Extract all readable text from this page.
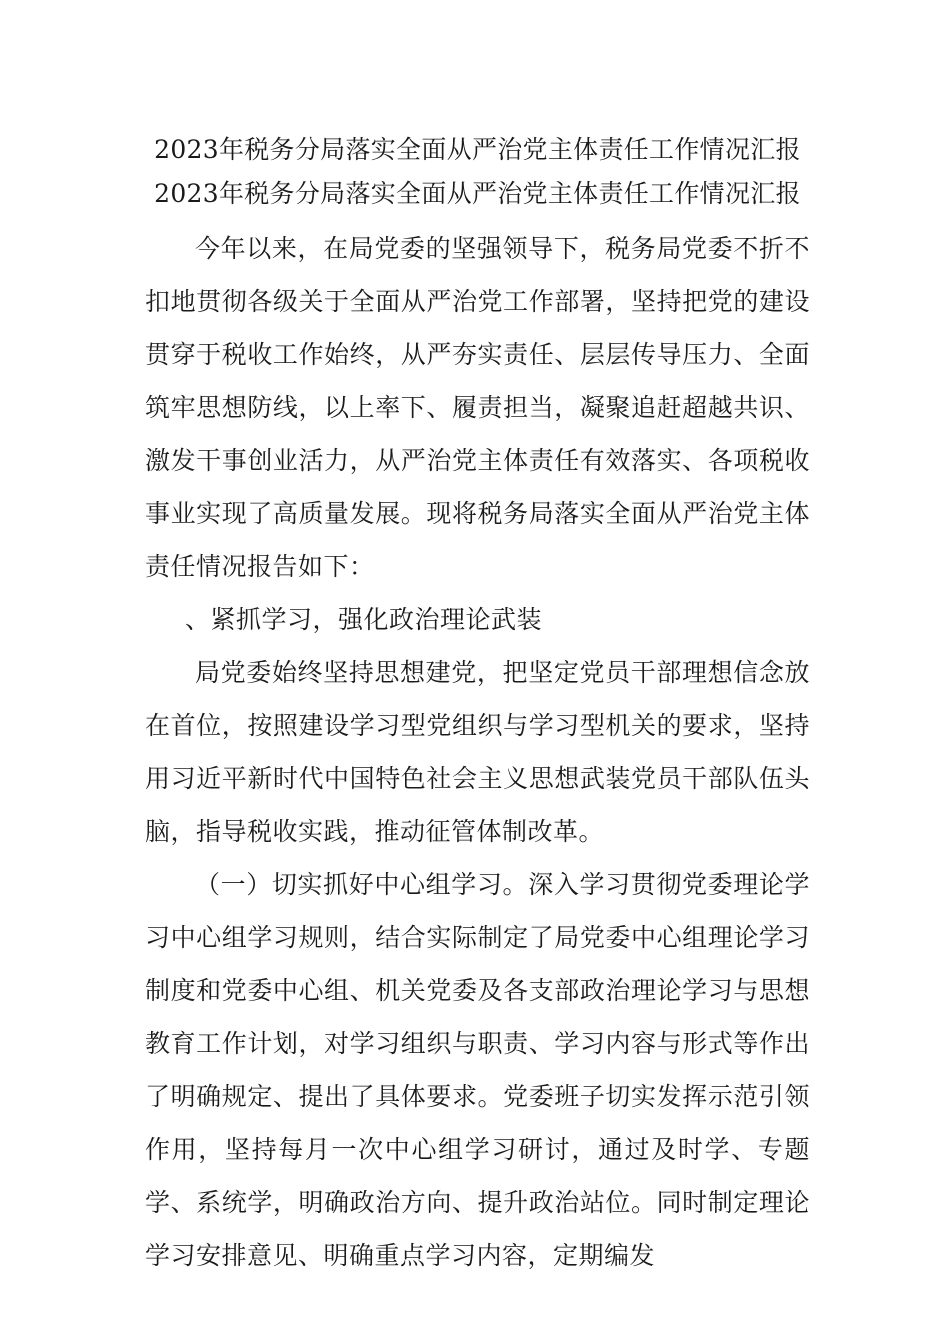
2023年税务分局落实全面从严治党主体责任工作情况汇报
2023年税务分局落实全面从严治党主体责任工作情况汇报

今年以来，在局党委的坚强领导下，税务局党委不折不扣地贯彻各级关于全面从严治党工作部署，坚持把党的建设贯穿于税收工作始终，从严夯实责任、层层传导压力、全面筑牢思想防线，以上率下、履责担当，凝聚追赶超越共识、激发干事创业活力，从严治党主体责任有效落实、各项税收事业实现了高质量发展。现将税务局落实全面从严治党主体责任情况报告如下：

、紧抓学习，强化政治理论武装

局党委始终坚持思想建党，把坚定党员干部理想信念放在首位，按照建设学习型党组织与学习型机关的要求，坚持用习近平新时代中国特色社会主义思想武装党员干部队伍头脑，指导税收实践，推动征管体制改革。

（一）切实抓好中心组学习。深入学习贯彻党委理论学习中心组学习规则，结合实际制定了局党委中心组理论学习制度和党委中心组、机关党委及各支部政治理论学习与思想教育工作计划，对学习组织与职责、学习内容与形式等作出了明确规定、提出了具体要求。党委班子切实发挥示范引领作用，坚持每月一次中心组学习研讨，通过及时学、专题学、系统学，明确政治方向、提升政治站位。同时制定理论学习安排意见、明确重点学习内容，定期编发
